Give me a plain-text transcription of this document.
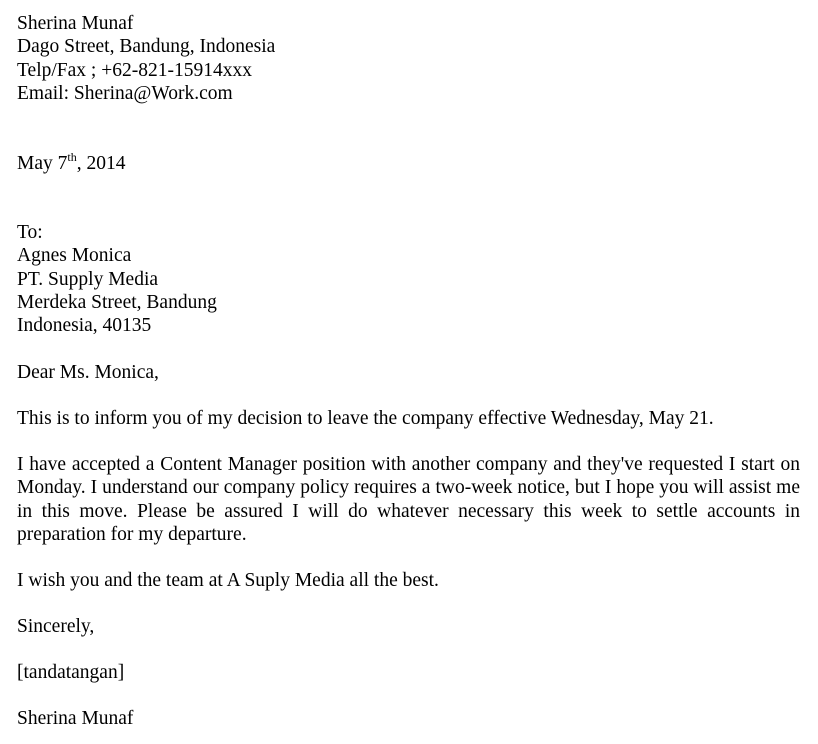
Sherina Munaf
Dago Street, Bandung, Indonesia
Telp/Fax ; +62-821-15914xxx
Email: Sherina@Work.com
May 7th, 2014
To:
Agnes Monica
PT. Supply Media
Merdeka Street, Bandung
Indonesia, 40135
Dear Ms. Monica,
This is to inform you of my decision to leave the company effective Wednesday, May 21.
I have accepted a Content Manager position with another company and they've requested I start on Monday. I understand our company policy requires a two-week notice, but I hope you will assist me in this move. Please be assured I will do whatever necessary this week to settle accounts in preparation for my departure.
I wish you and the team at A Suply Media all the best.
Sincerely,
[tandatangan]
Sherina Munaf
